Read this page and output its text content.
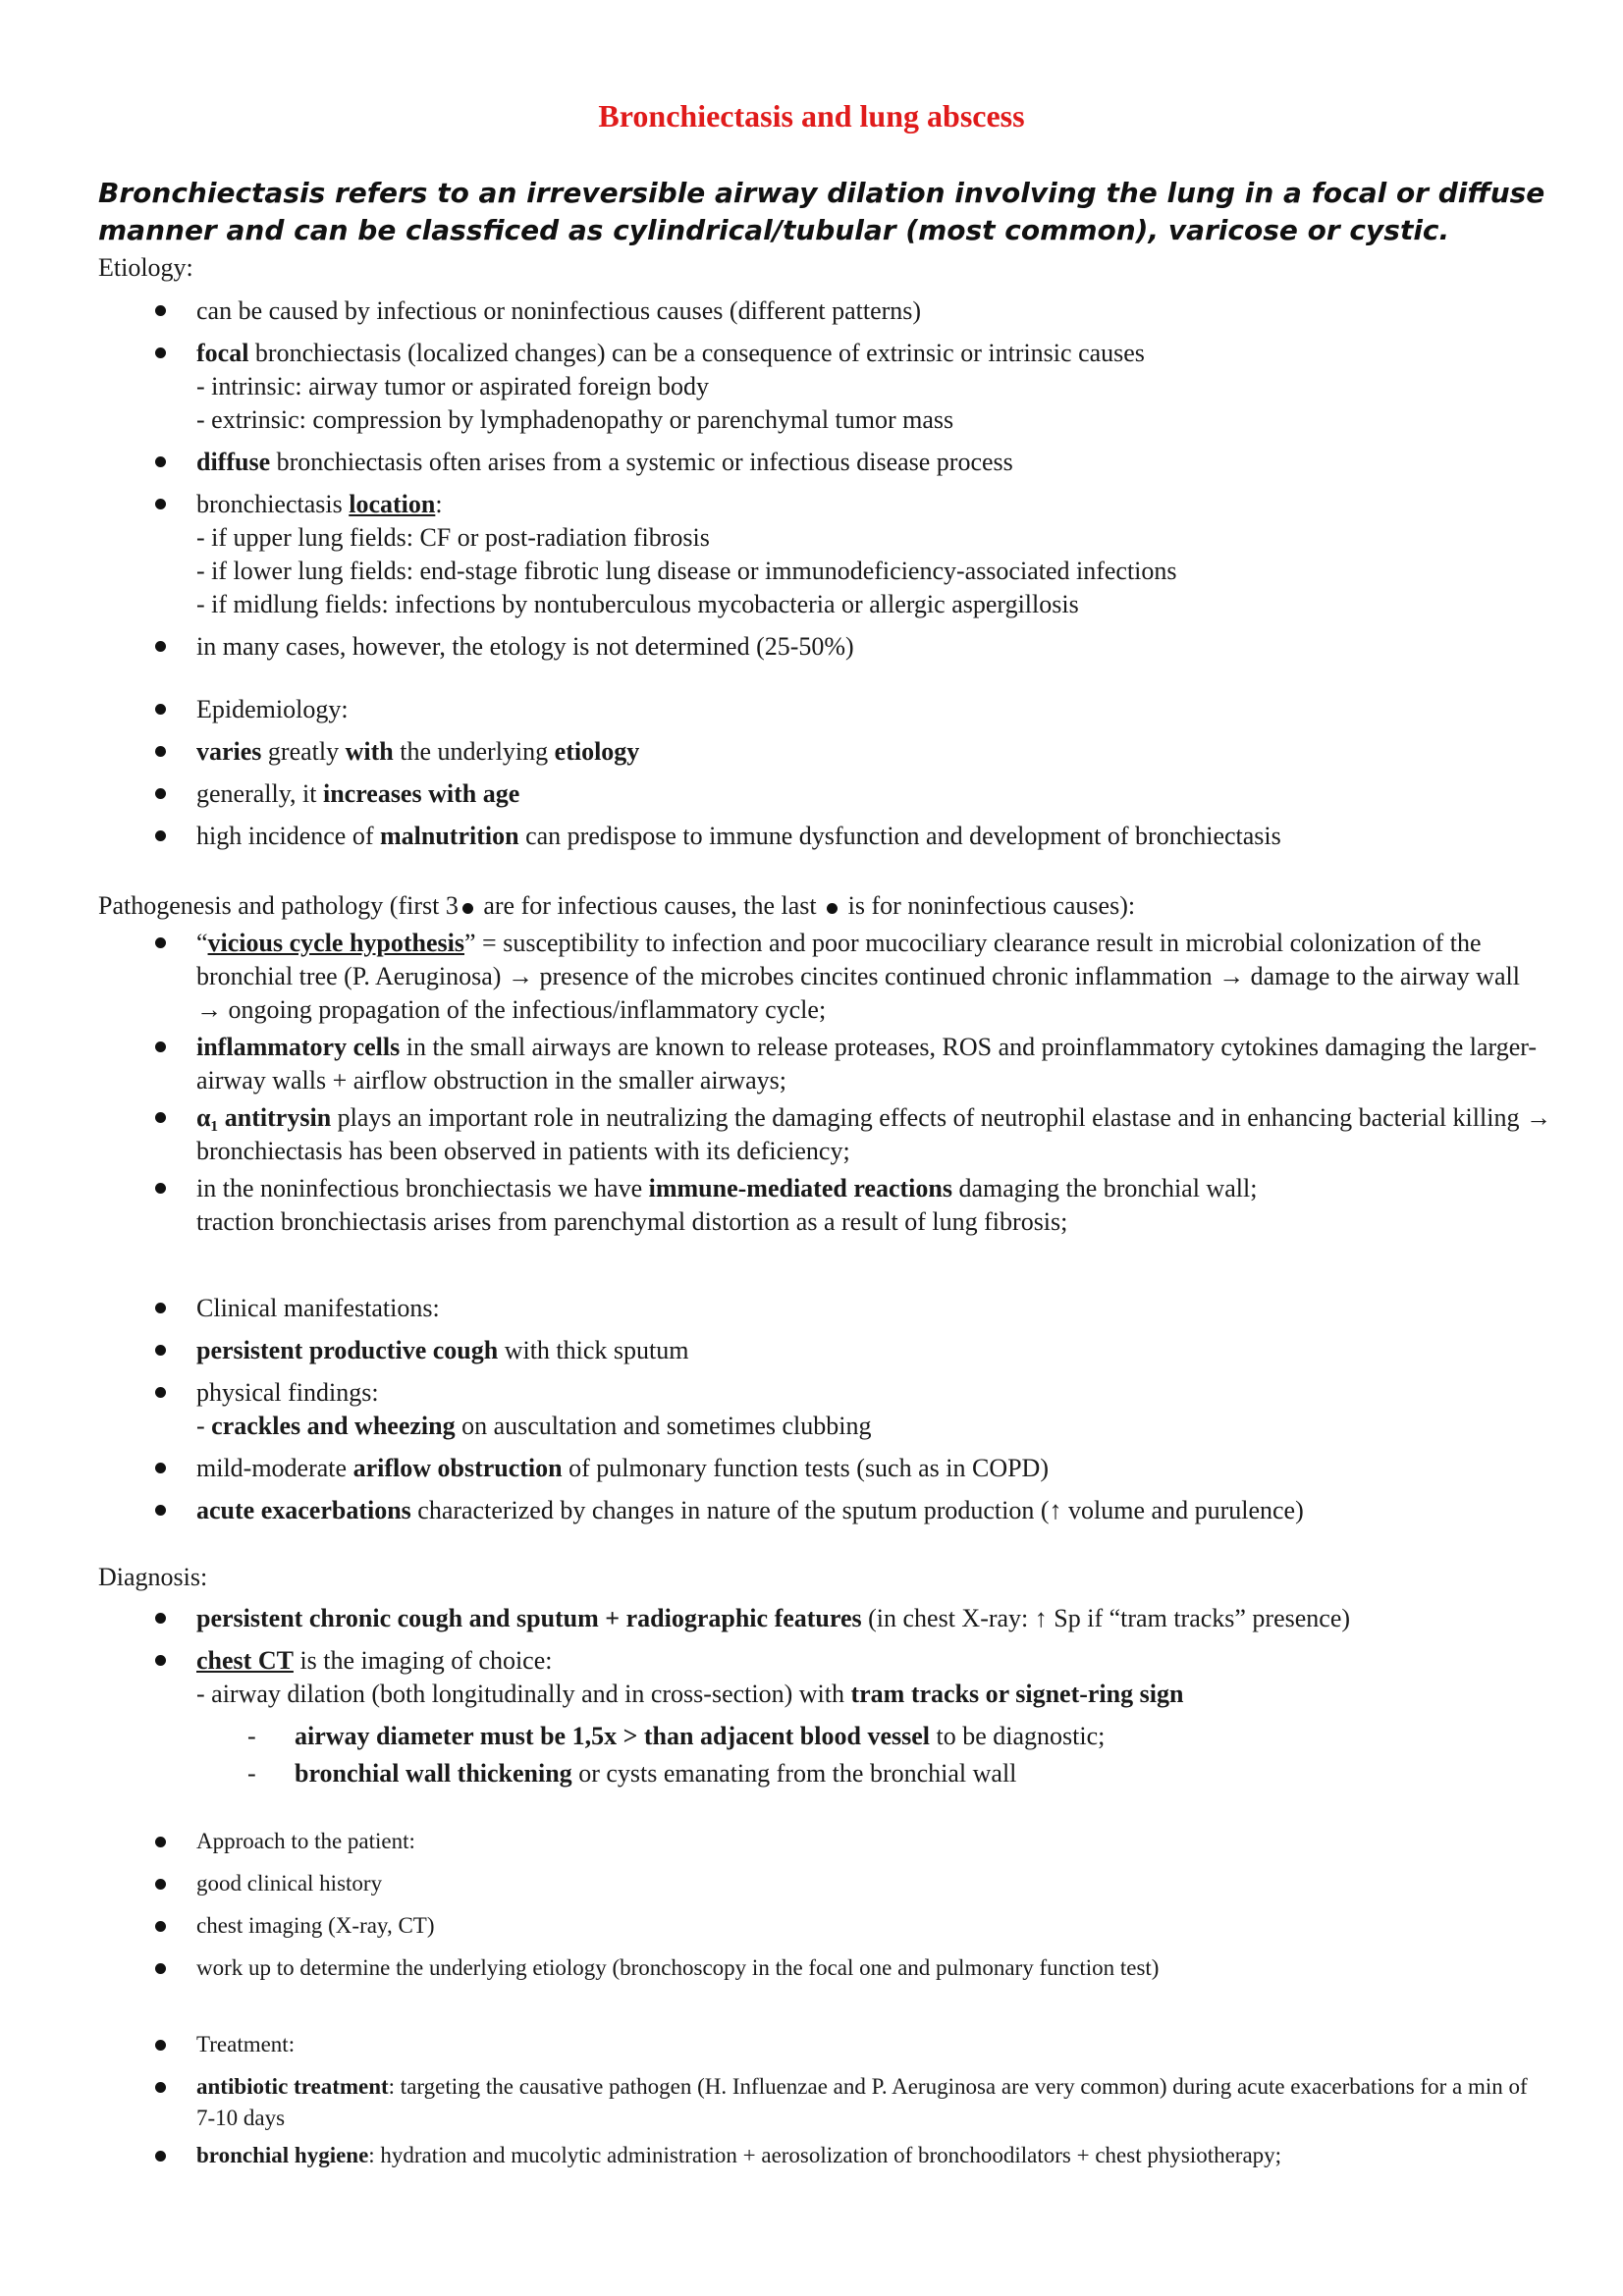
Bronchiectasis and lung abscess
Bronchiectasis refers to an irreversible airway dilation involving the lung in a focal or diffuse manner and can be classficed as cylindrical/tubular (most common), varicose or cystic.
Etiology:
can be caused by infectious or noninfectious causes (different patterns)
focal bronchiectasis (localized changes) can be a consequence of extrinsic or intrinsic causes
- intrinsic: airway tumor or aspirated foreign body
- extrinsic: compression by lymphadenopathy or parenchymal tumor mass
diffuse bronchiectasis often arises from a systemic or infectious disease process
bronchiectasis location:
- if upper lung fields: CF or post-radiation fibrosis
- if lower lung fields: end-stage fibrotic lung disease or immunodeficiency-associated infections
- if midlung fields: infections by nontuberculous mycobacteria or allergic aspergillosis
in many cases, however, the etology is not determined (25-50%)
Epidemiology:
varies greatly with the underlying etiology
generally, it increases with age
high incidence of malnutrition can predispose to immune dysfunction and development of bronchiectasis
Pathogenesis and pathology (first 3 are for infectious causes, the last  is for noninfectious causes):
“vicious cycle hypothesis” = susceptibility to infection and poor mucociliary clearance result in microbial colonization of the bronchial tree (P. Aeruginosa) → presence of the microbes cincites continued chronic inflammation → damage to the airway wall → ongoing propagation of the infectious/inflammatory cycle;
inflammatory cells in the small airways are known to release proteases, ROS and proinflammatory cytokines damaging the larger-airway walls + airflow obstruction in the smaller airways;
α₁ antitrysin plays an important role in neutralizing the damaging effects of neutrophil elastase and in enhancing bacterial killing → bronchiectasis has been observed in patients with its deficiency;
in the noninfectious bronchiectasis we have immune-mediated reactions damaging the bronchial wall;
traction bronchiectasis arises from parenchymal distortion as a result of lung fibrosis;
Clinical manifestations:
persistent productive cough with thick sputum
physical findings:
- crackles and wheezing on auscultation and sometimes clubbing
mild-moderate ariflow obstruction of pulmonary function tests (such as in COPD)
acute exacerbations characterized by changes in nature of the sputum production (↑ volume and purulence)
Diagnosis:
persistent chronic cough and sputum + radiographic features (in chest X-ray: ↑ Sp if “tram tracks” presence)
chest CT is the imaging of choice:
- airway dilation (both longitudinally and in cross-section) with tram tracks or signet-ring sign
- airway diameter must be 1,5x > than adjacent blood vessel to be diagnostic;
- bronchial wall thickening or cysts emanating from the bronchial wall
Approach to the patient:
good clinical history
chest imaging (X-ray, CT)
work up to determine the underlying etiology (bronchoscopy in the focal one and pulmonary function test)
Treatment:
antibiotic treatment: targeting the causative pathogen (H. Influenzae and P. Aeruginosa are very common) during acute exacerbations for a min of 7-10 days
bronchial hygiene: hydration and mucolytic administration + aerosolization of bronchoodilators + chest physiotherapy;
